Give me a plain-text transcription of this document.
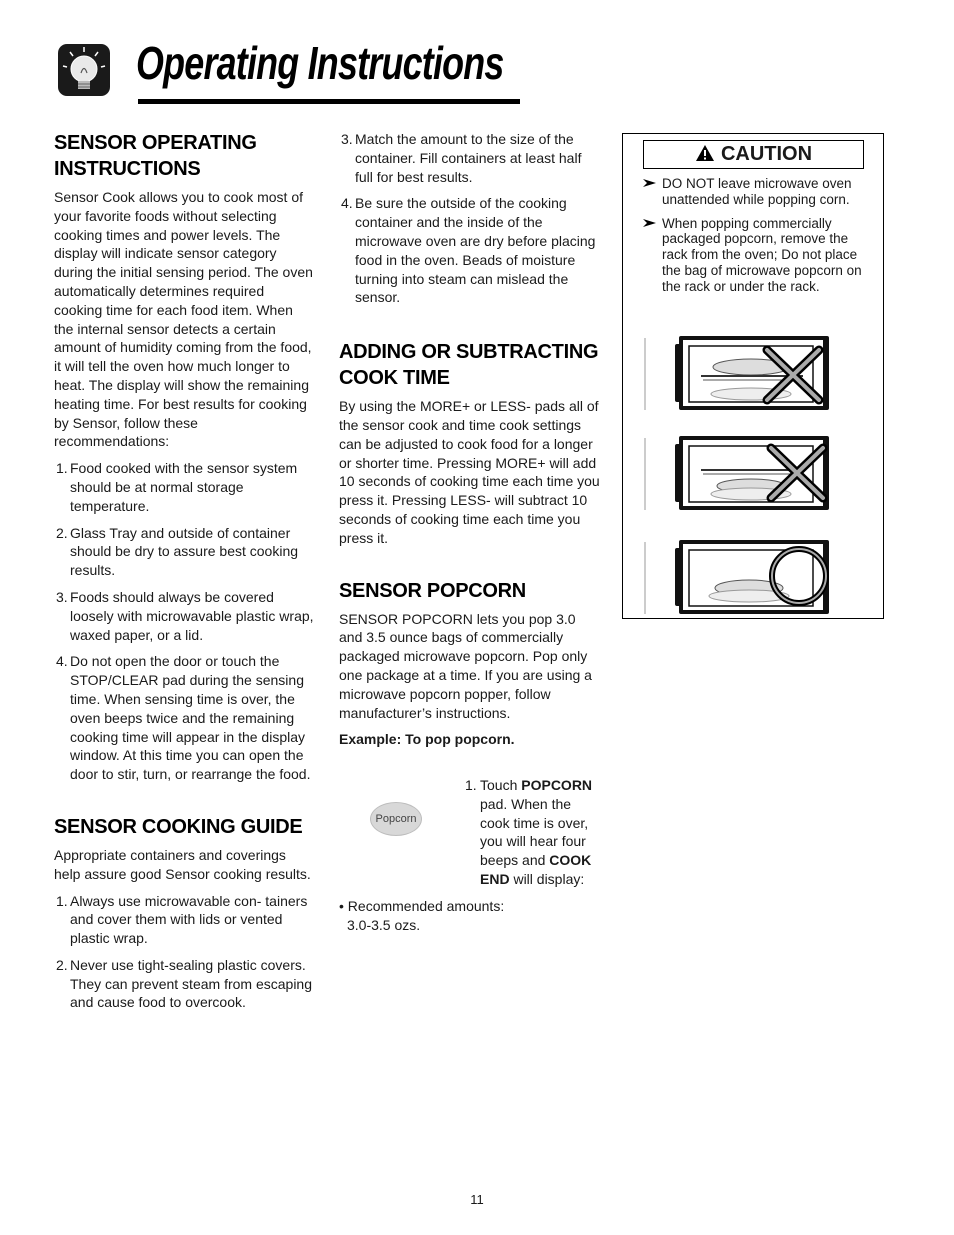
Operating Instructions
SENSOR OPERATING INSTRUCTIONS

Sensor Cook allows you to cook most of your favorite foods without selecting cooking times and power levels. The display will indicate sensor category during the initial sensing period. The oven automatically determines required cooking time for each food item. When the internal sensor detects a certain amount of humidity coming from the food, it will tell the oven how much longer to heat. The display will show the remaining heating time. For best results for cooking by Sensor, follow these recommendations:

1. Food cooked with the sensor system should be at normal storage temperature.
2. Glass Tray and outside of container should be dry to assure best cooking results.
3. Foods should always be covered loosely with microwavable plastic wrap, waxed paper, or a lid.
4. Do not open the door or touch the STOP/CLEAR pad during the sensing time. When sensing time is over, the oven beeps twice and the remaining cooking time will appear in the display window. At this time you can open the door to stir, turn, or rearrange the food.
SENSOR COOKING GUIDE

Appropriate containers and coverings help assure good Sensor cooking results.

1. Always use microwavable con- tainers and cover them with lids or vented plastic wrap.
2. Never use tight-sealing plastic covers. They can prevent steam from escaping and cause food to overcook.
3. Match the amount to the size of the container. Fill containers at least half full for best results.
4. Be sure the outside of the cooking container and the inside of the microwave oven are dry before placing food in the oven. Beads of moisture turning into steam can mislead the sensor.
ADDING OR SUBTRACTING COOK TIME

By using the MORE+ or LESS- pads all of the sensor cook and time cook settings can be adjusted to cook food for a longer or shorter time. Pressing MORE+ will add 10 seconds of cooking time each time you press it. Pressing LESS- will subtract 10 seconds of cooking time each time you press it.

SENSOR POPCORN

SENSOR POPCORN lets you pop 3.0 and 3.5 ounce bags of commercially packaged microwave popcorn. Pop only one package at a time. If you are using a microwave popcorn popper, follow manufacturer’s instructions.

Example: To pop popcorn.

Popcorn
1. Touch POPCORN pad. When the cook time is over, you will hear four beeps and COOK END will display:
• Recommended amounts:
3.0-3.5 ozs.
CAUTION
DO NOT leave microwave oven unattended while popping corn.
When popping commercially packaged popcorn, remove the rack from the oven; Do not place the bag of microwave popcorn on the rack or under the rack.
11
